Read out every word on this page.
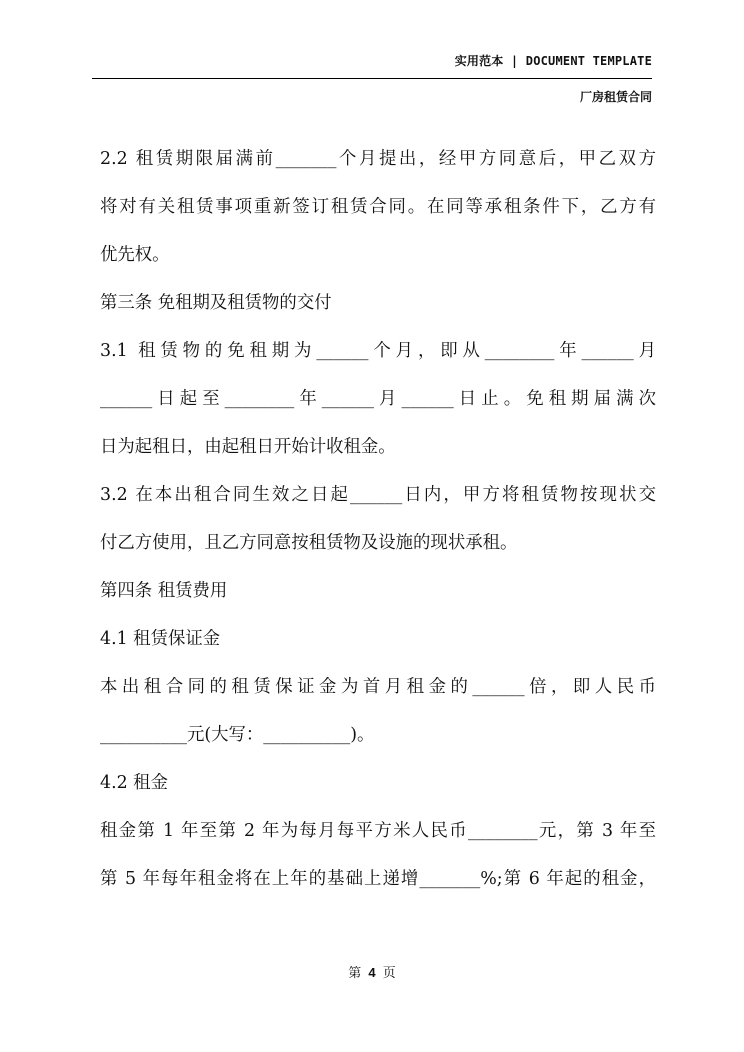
实用范本 | DOCUMENT TEMPLATE
厂房租赁合同
2.2 租赁期限届满前_______个月提出，经甲方同意后，甲乙双方
将对有关租赁事项重新签订租赁合同。在同等承租条件下，乙方有
优先权。
第三条 免租期及租赁物的交付
3.1 租赁物的免租期为______个月，即从________年______月
______日起至________年______月______日止。免租期届满次
日为起租日，由起租日开始计收租金。
3.2 在本出租合同生效之日起______日内，甲方将租赁物按现状交
付乙方使用，且乙方同意按租赁物及设施的现状承租。
第四条 租赁费用
4.1 租赁保证金
本出租合同的租赁保证金为首月租金的______倍，即人民币
__________元(大写：__________)。
4.2 租金
租金第 1 年至第 2 年为每月每平方米人民币________元，第 3 年至
第 5 年每年租金将在上年的基础上递增_______%;第 6 年起的租金，
第 4 页
